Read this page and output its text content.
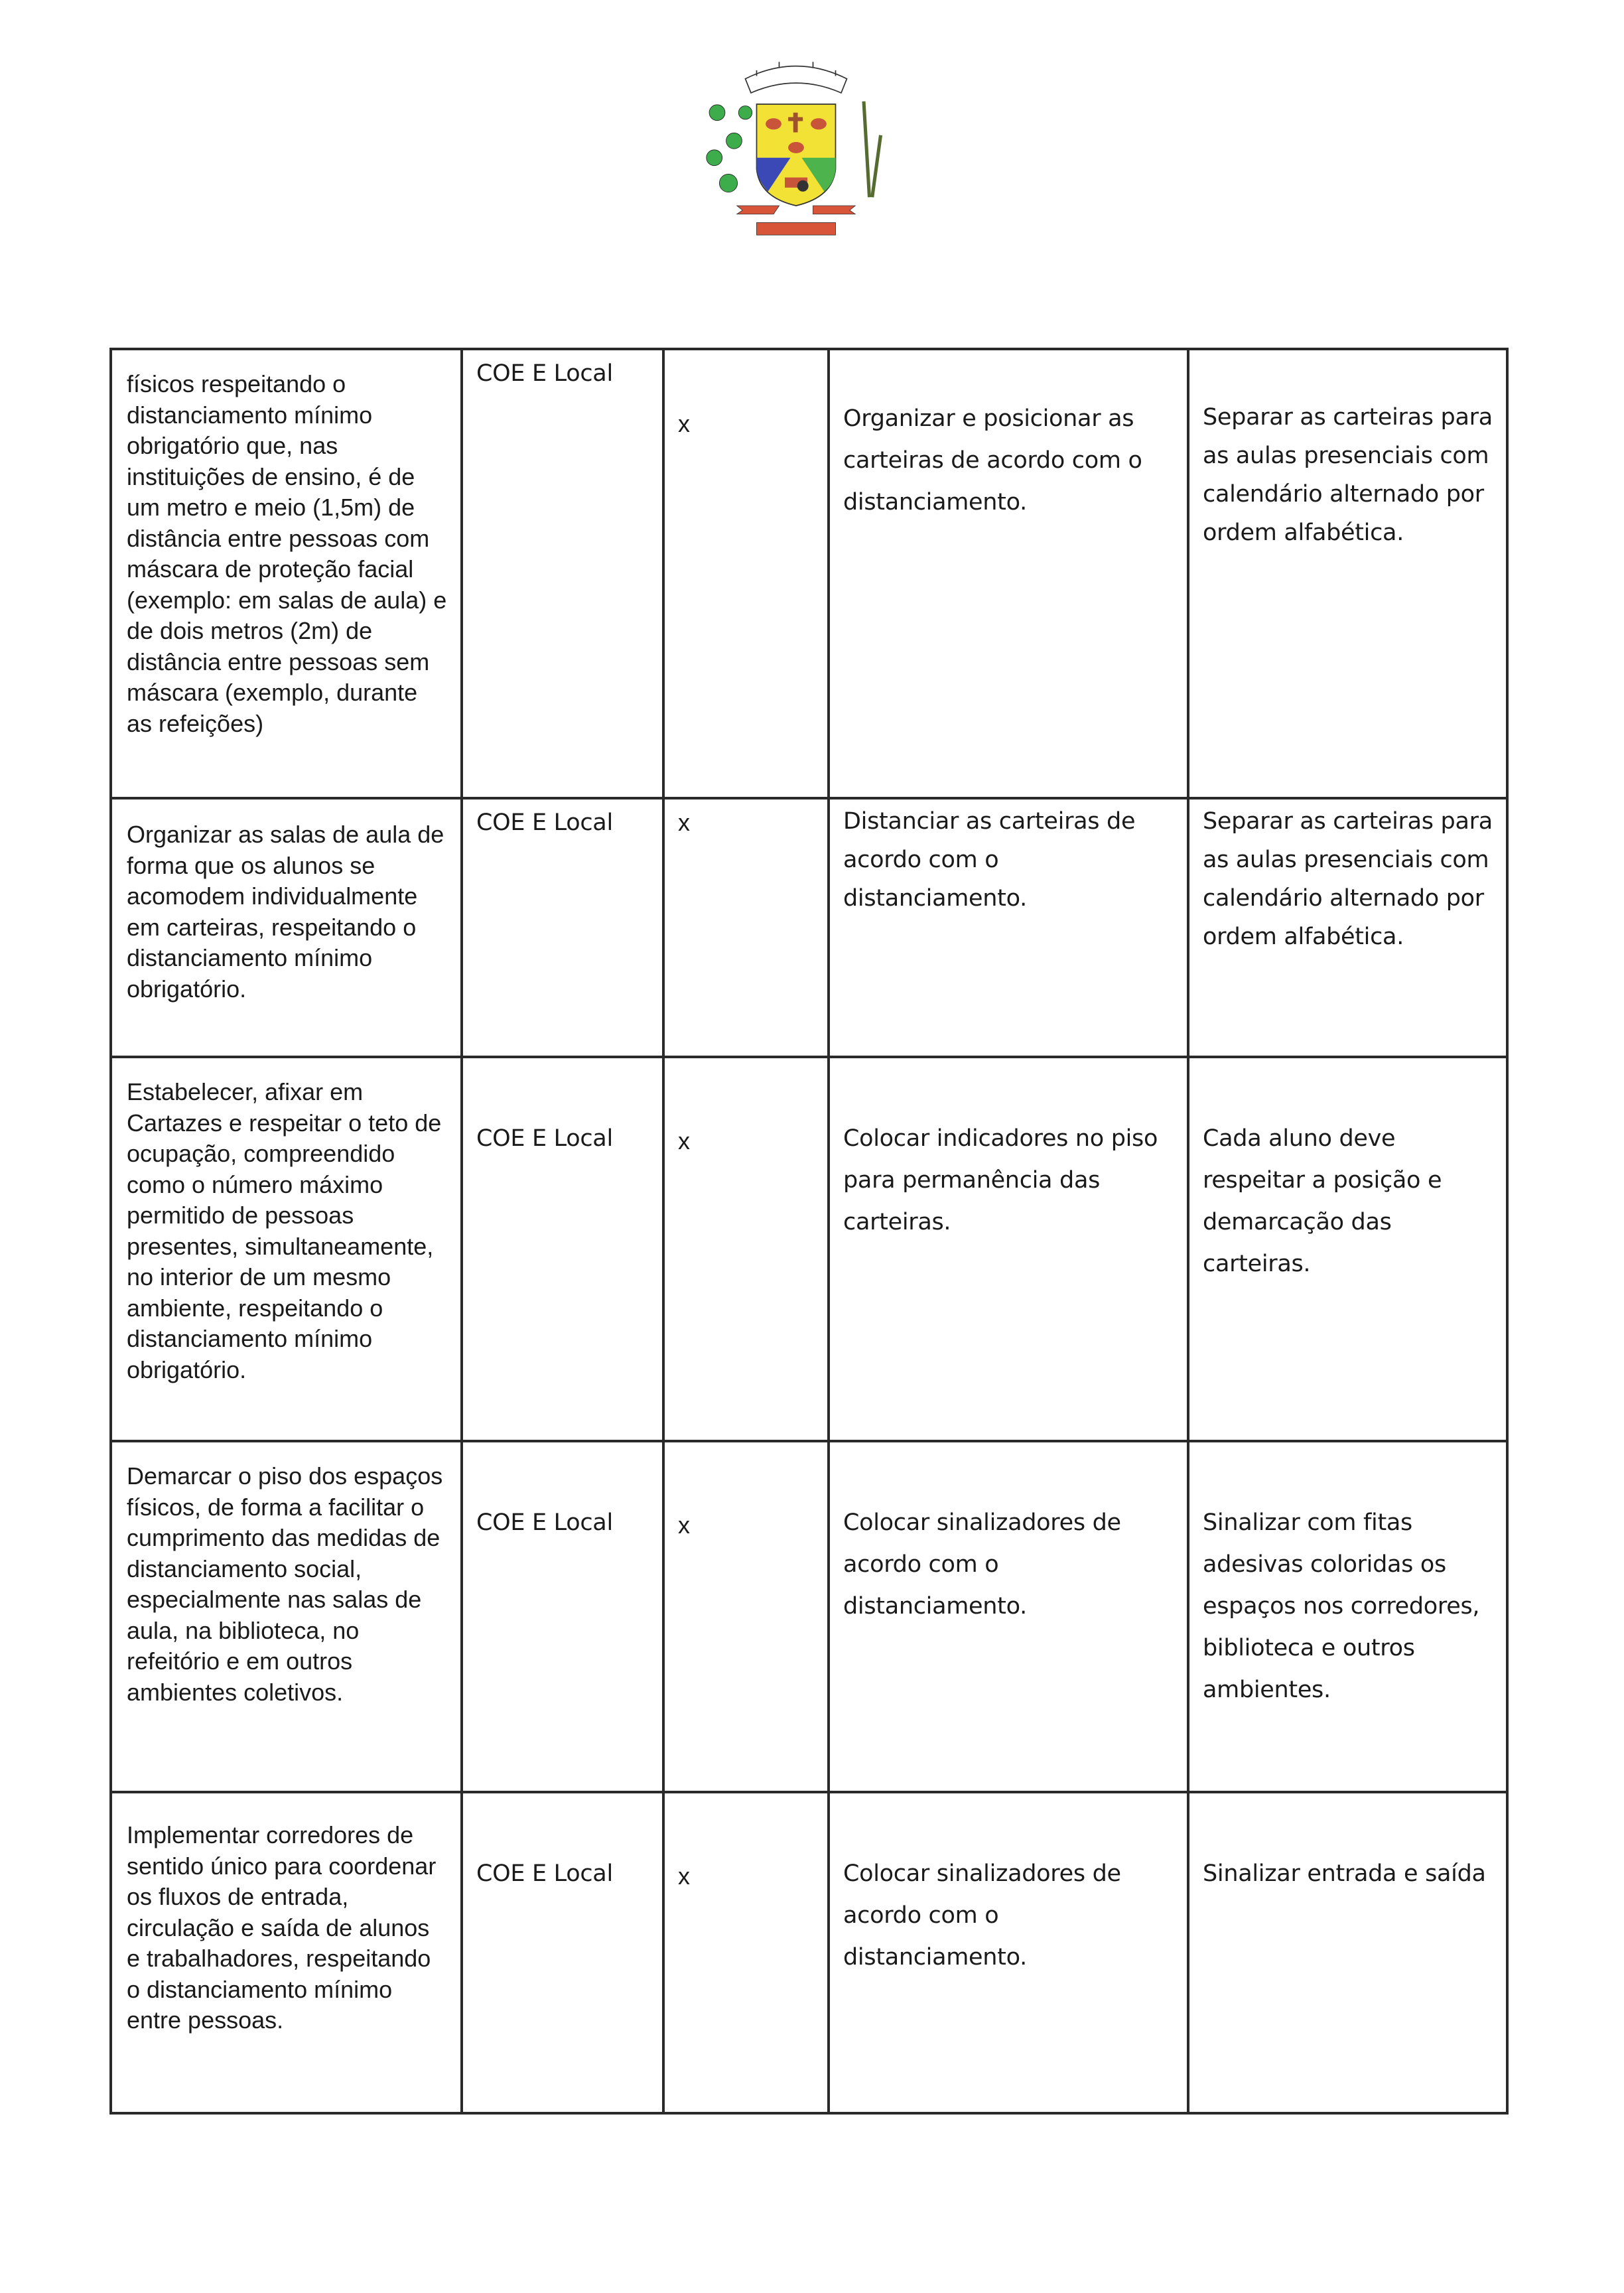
físicos respeitando o distanciamento mínimo obrigatório que, nas instituições de ensino, é de um metro e meio (1,5m) de distância entre pessoas com máscara de proteção facial (exemplo: em salas de aula) e de dois metros (2m) de distância entre pessoas sem máscara (exemplo, durante as refeições)	COE E Local	x	Organizar e posicionar as carteiras de acordo com o distanciamento.	Separar as carteiras para as aulas presenciais com calendário alternado por ordem alfabética.
Organizar as salas de aula de forma que os alunos se acomodem individualmente em carteiras, respeitando o distanciamento mínimo obrigatório.	COE E Local	x	Distanciar as carteiras de acordo com o distanciamento.	Separar as carteiras para as aulas presenciais com calendário alternado por ordem alfabética.
Estabelecer, afixar em Cartazes e respeitar o teto de ocupação, compreendido como o número máximo permitido de pessoas presentes, simultaneamente, no interior de um mesmo ambiente, respeitando o distanciamento mínimo obrigatório.	COE E Local	x	Colocar indicadores no piso para permanência das carteiras.	Cada aluno deve respeitar a posição e demarcação das carteiras.
Demarcar o piso dos espaços físicos, de forma a facilitar o cumprimento das medidas de distanciamento social, especialmente nas salas de aula, na biblioteca, no refeitório e em outros ambientes coletivos.	COE E Local	x	Colocar sinalizadores de acordo com o distanciamento.	Sinalizar com fitas adesivas coloridas os espaços nos corredores, biblioteca e outros ambientes.
Implementar corredores de sentido único para coordenar os fluxos de entrada, circulação e saída de alunos e trabalhadores, respeitando o distanciamento mínimo entre pessoas.	COE E Local	x	Colocar sinalizadores de acordo com o distanciamento.	Sinalizar entrada e saída
